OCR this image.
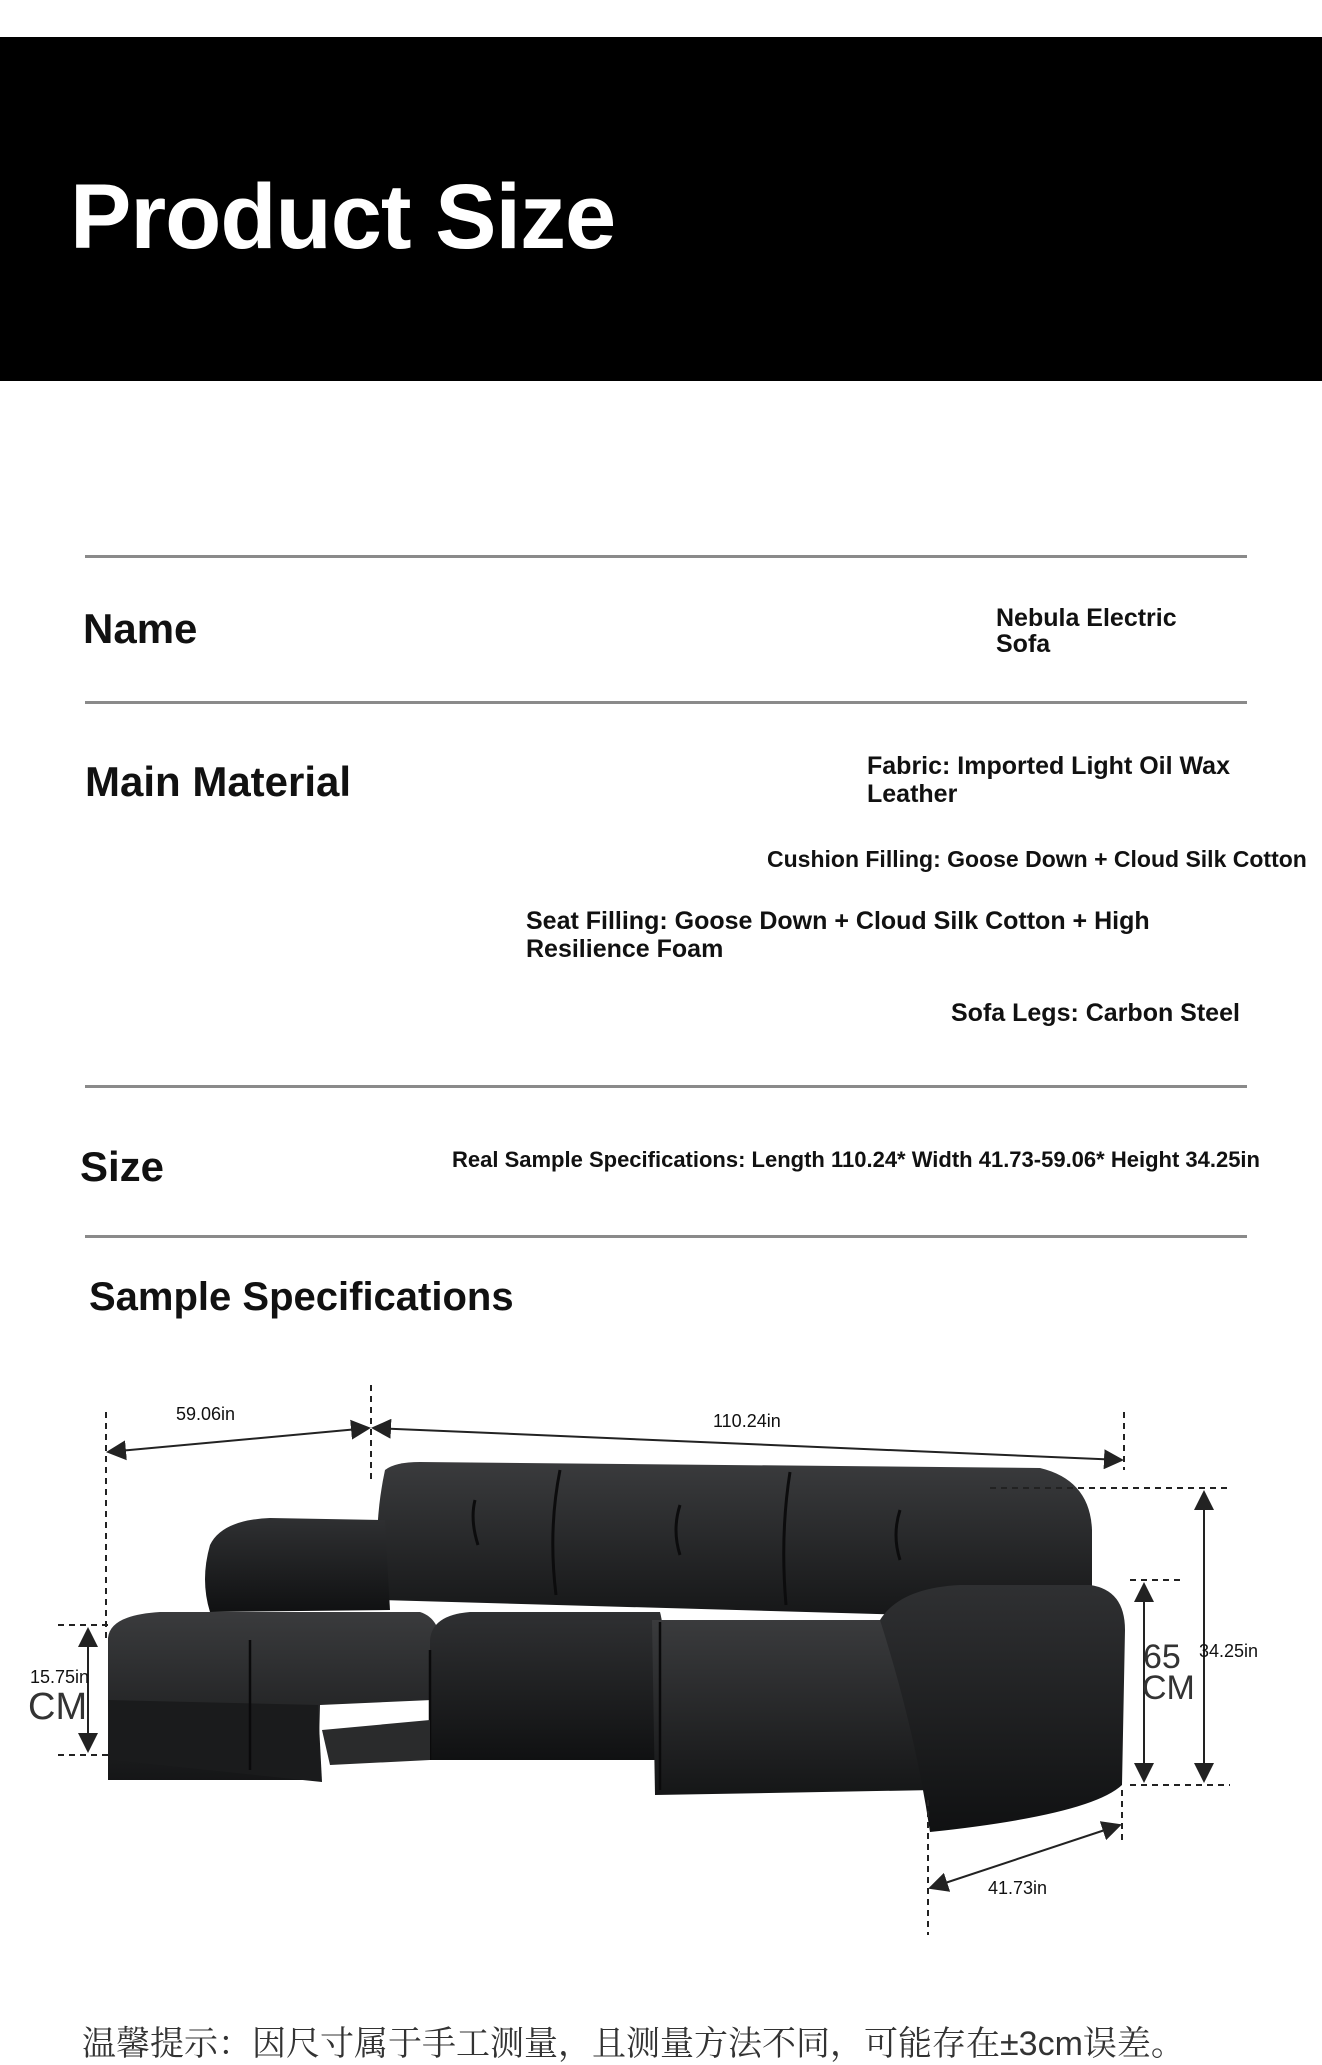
Product Size
Name	Nebula Electric Sofa
Main Material	Fabric: Imported Light Oil Wax Leather
Cushion Filling: Goose Down + Cloud Silk Cotton
Seat Filling: Goose Down + Cloud Silk Cotton + High Resilience Foam
Sofa Legs: Carbon Steel
Size	Real Sample Specifications: Length 110.24* Width 41.73-59.06* Height 34.25in
Sample Specifications
59.06in	110.24in
34.25in
15.75in
CM
65
CM
41.73in
温馨提示：因尺寸属于手工测量，且测量方法不同，可能存在±3cm误差。
